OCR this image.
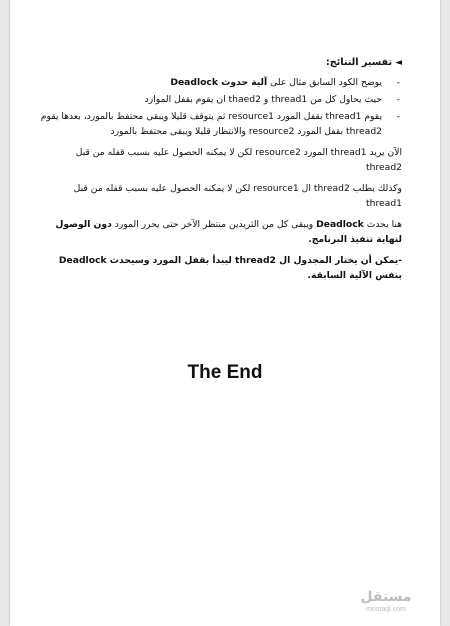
◄تفسير النتائج:
-
يوضح الكود السابق مثال على آلية حدوث Deadlock
-
حيث يحاول كل من thread1 و thaed2 ان يقوم بقفل الموارد
-
يقوم thread1 بقفل المورد resource1 ثم يتوقف قليلا ويبقى محتفظ بالمورد، بعدها يقوم thread2 بقفل المورد resource2 والانتظار قليلا ويبقى محتفظ بالمورد
الآن يريد thread1 المورد resource2 لكن لا يمكنه الحصول عليه بسبب قفله من قبل thread2
وكذلك يطلب thread2 ال resource1 لكن لا يمكنه الحصول عليه بسبب قفله من قبل thread1
هنا يحدث Deadlock ويبقى كل من الثريدين منتظر الآخر حتى يحرر المورد دون الوصول لنهاية تنفيذ البرنامج.
-يمكن أن يختار المجدول ال thread2 ليبدأ بقفل المورد وسيحدث Deadlock بنفس الآلية السابقة.
The End
مستقل
mostaql.com
